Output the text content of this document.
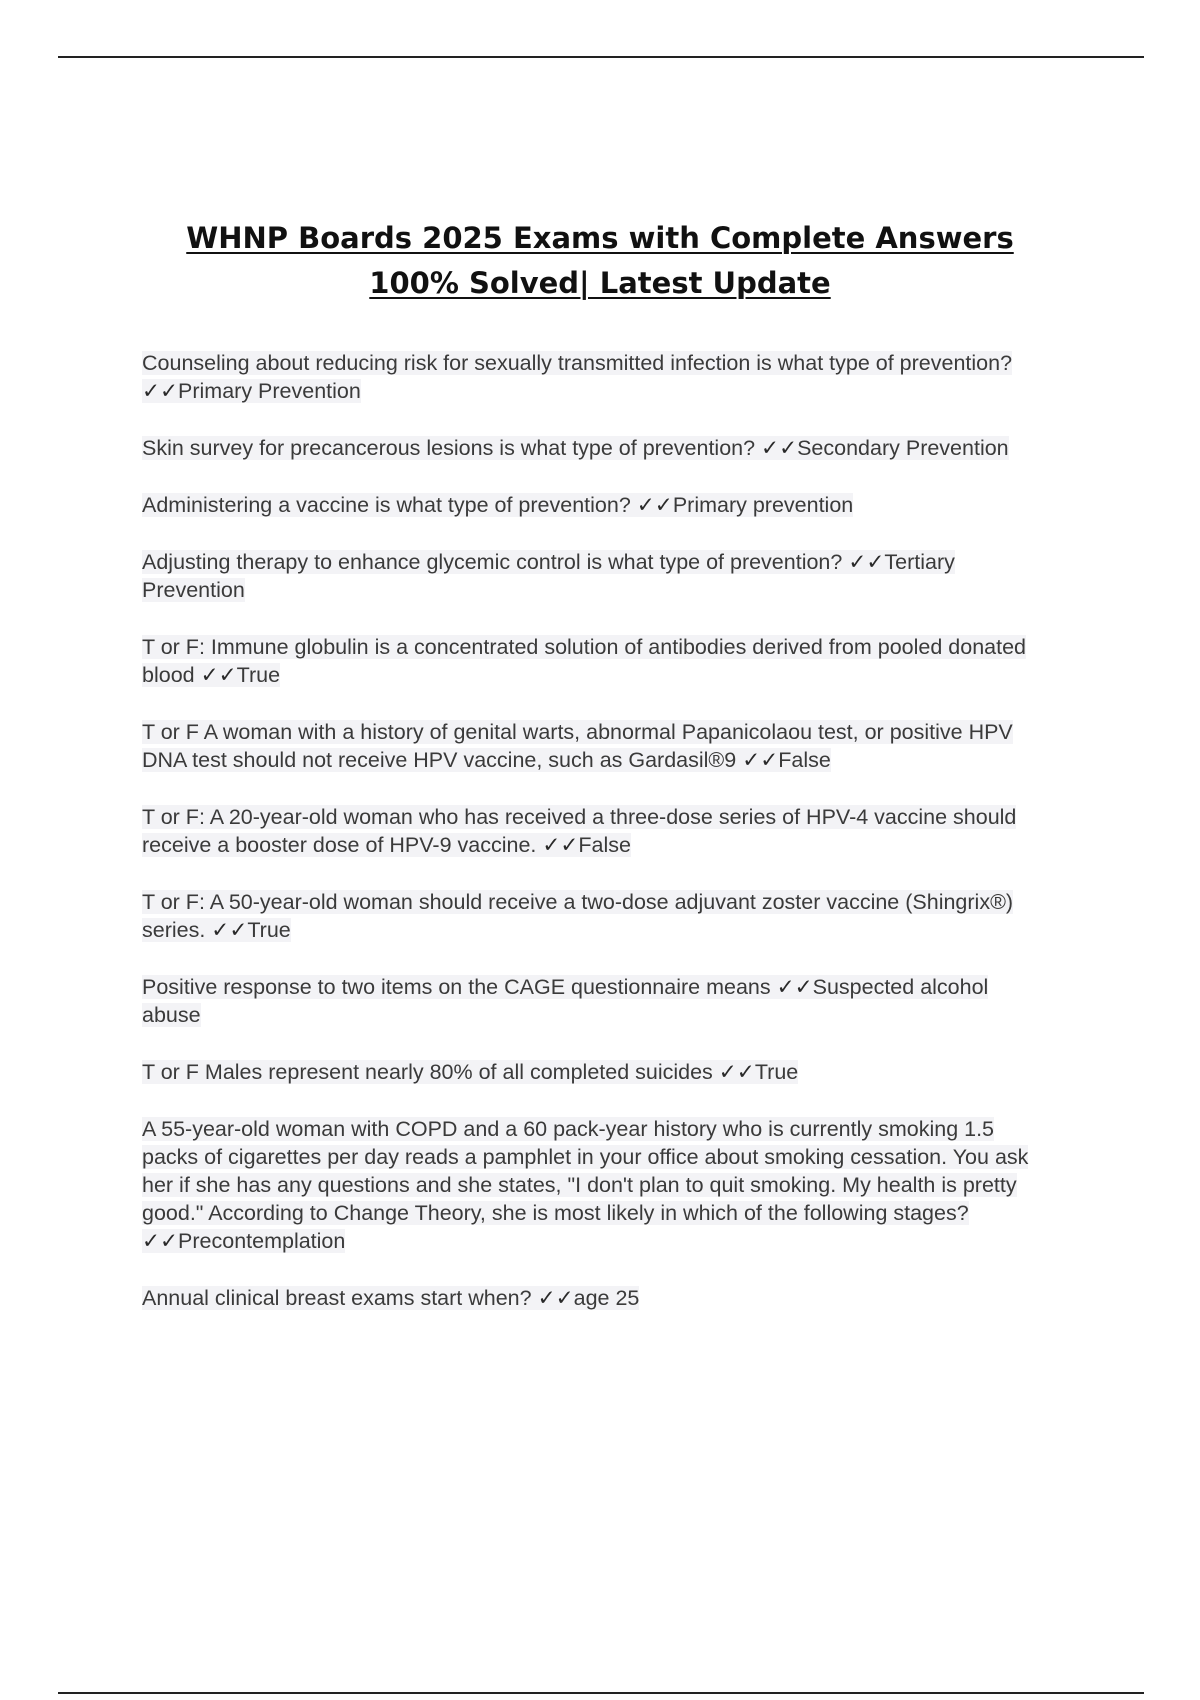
WHNP Boards 2025 Exams with Complete Answers
100% Solved| Latest Update
Counseling about reducing risk for sexually transmitted infection is what type of prevention? ✓✓Primary Prevention
Skin survey for precancerous lesions is what type of prevention? ✓✓Secondary Prevention
Administering a vaccine is what type of prevention? ✓✓Primary prevention
Adjusting therapy to enhance glycemic control is what type of prevention? ✓✓Tertiary Prevention
T or F: Immune globulin is a concentrated solution of antibodies derived from pooled donated blood ✓✓True
T or F A woman with a history of genital warts, abnormal Papanicolaou test, or positive HPV DNA test should not receive HPV vaccine, such as Gardasil®9 ✓✓False
T or F: A 20-year-old woman who has received a three-dose series of HPV-4 vaccine should receive a booster dose of HPV-9 vaccine. ✓✓False
T or F: A 50-year-old woman should receive a two-dose adjuvant zoster vaccine (Shingrix®) series. ✓✓True
Positive response to two items on the CAGE questionnaire means ✓✓Suspected alcohol abuse
T or F Males represent nearly 80% of all completed suicides ✓✓True
A 55-year-old woman with COPD and a 60 pack-year history who is currently smoking 1.5 packs of cigarettes per day reads a pamphlet in your office about smoking cessation. You ask her if she has any questions and she states, "I don't plan to quit smoking. My health is pretty good." According to Change Theory, she is most likely in which of the following stages? ✓✓Precontemplation
Annual clinical breast exams start when? ✓✓age 25
